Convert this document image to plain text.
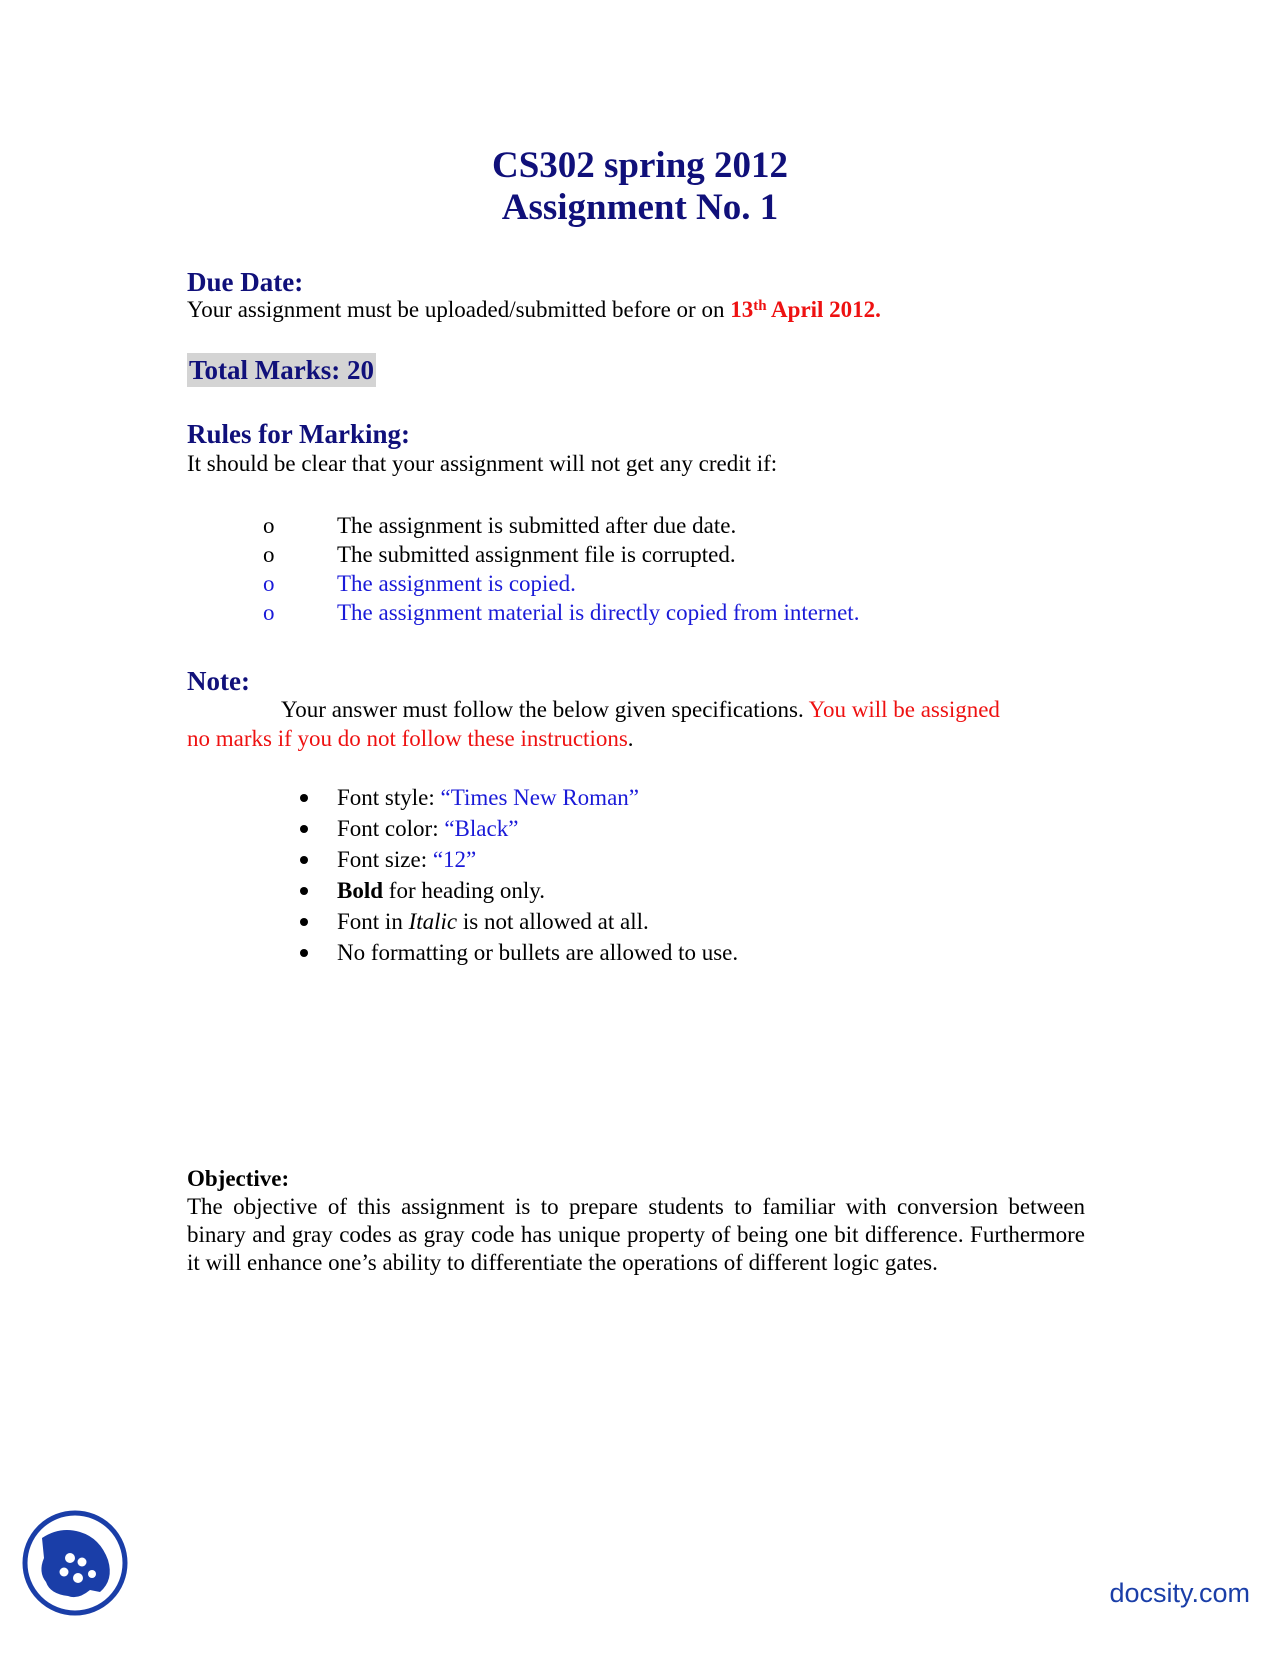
CS302 spring 2012
Assignment No. 1
Due Date:

Your assignment must be uploaded/submitted before or on 13th April 2012.

Total Marks: 20
Rules for Marking:

It should be clear that your assignment will not get any credit if:

o	The assignment is submitted after due date.
o	The submitted assignment file is corrupted.
o	The assignment is copied.
o	The assignment material is directly copied from internet.
Note:

Your answer must follow the below given specifications. You will be assigned

no marks if you do not follow these instructions.

Font style: “Times New Roman”
Font color: “Black”
Font size: “12”
Bold for heading only.
Font in Italic is not allowed at all.
No formatting or bullets are allowed to use.

Objective:

The objective of this assignment is to prepare students to familiar with conversion between binary and gray codes as gray code has unique property of being one bit difference. Furthermore it will enhance one’s ability to differentiate the operations of different logic gates.

docsity.com
